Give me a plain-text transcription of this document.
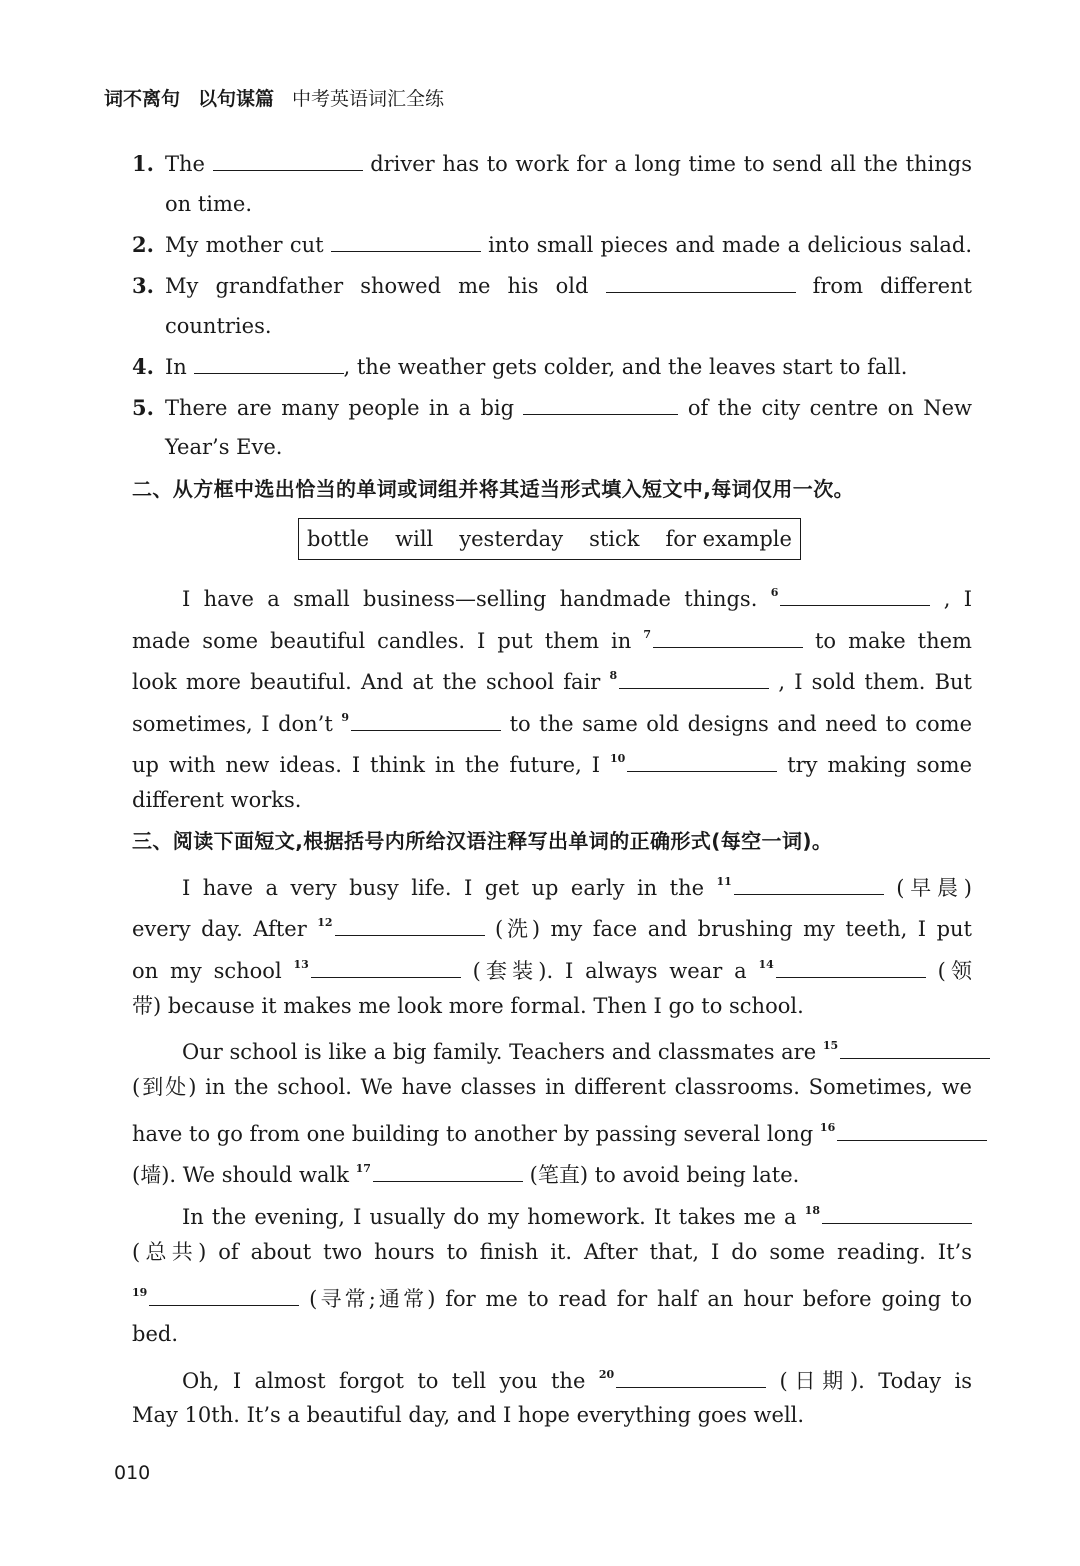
词不离句 以句谋篇 中考英语词汇全练
1. The	driver has to work for a long time to send all the things
on time.
2. My mother cut	into small pieces and made a delicious salad.
3. My grandfather showed me his old	from different
countries.
4. In	, the weather gets colder, and the leaves start to fall.
5. There are many people in a big	of the city centre on New
Year’s Eve.
二、从方框中选出恰当的单词或词组并将其适当形式填入短文中,每词仅用一次。
bottle will yesterday stick for example
I have a small business—selling handmade things. $^6$	, I
made some beautiful candles. I put them in $^7$	to make them
look more beautiful. And at the school fair $^8$	, I sold them. But
sometimes, I don’t $^9$	to the same old designs and need to come
up with new ideas. I think in the future, I $^{10}$	try making some
different works.
三、阅读下面短文,根据括号内所给汉语注释写出单词的正确形式(每空一词)。
I have a very busy life. I get up early in the $^{11}$	(早晨)
every day. After $^{12}$	(洗) my face and brushing my teeth, I put
on my school $^{13}$	(套装). I always wear a $^{14}$	(领
带) because it makes me look more formal. Then I go to school.
Our school is like a big family. Teachers and classmates are $^{15}$
(到处) in the school. We have classes in different classrooms. Sometimes, we
have to go from one building to another by passing several long $^{16}$
(墙). We should walk $^{17}$	(笔直) to avoid being late.
In the evening, I usually do my homework. It takes me a $^{18}$
(总共) of about two hours to finish it. After that, I do some reading. It’s
$^{19}$	(寻常;通常) for me to read for half an hour before going to
bed.
Oh, I almost forgot to tell you the $^{20}$	(日期). Today is
May 10th. It’s a beautiful day, and I hope everything goes well.
010
